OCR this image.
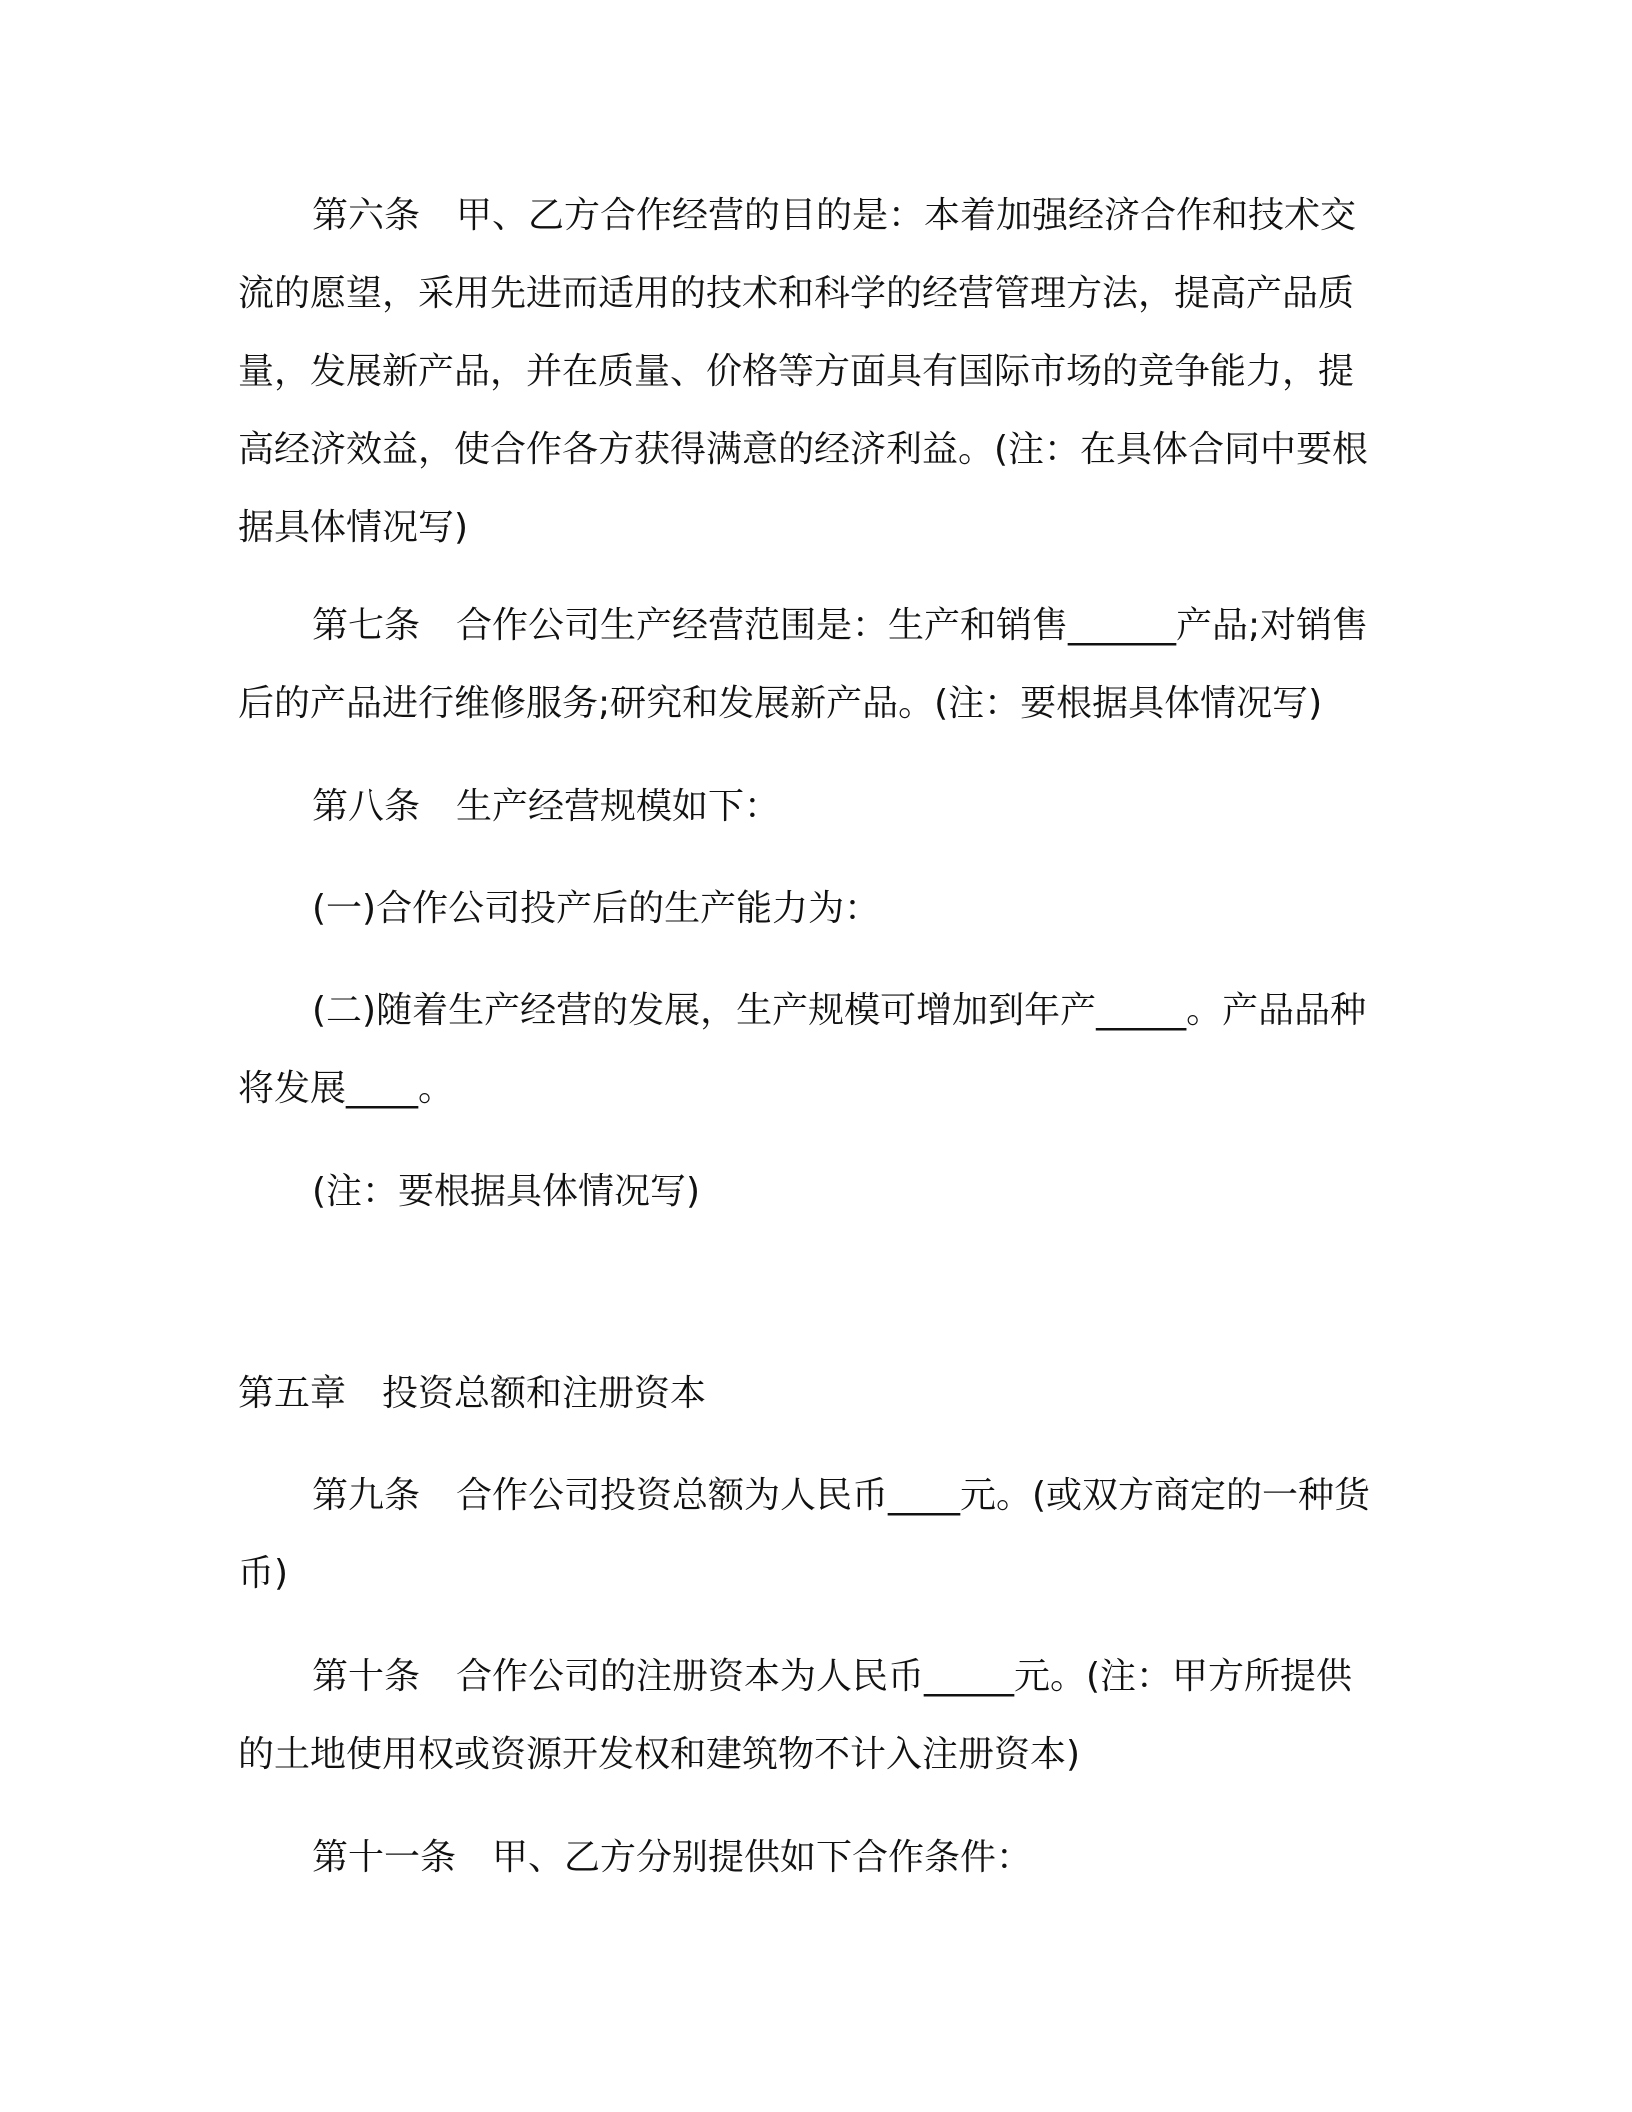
第六条　甲、乙方合作经营的目的是：本着加强经济合作和技术交流的愿望，采用先进而适用的技术和科学的经营管理方法，提高产品质量，发展新产品，并在质量、价格等方面具有国际市场的竞争能力，提高经济效益，使合作各方获得满意的经济利益。(注：在具体合同中要根据具体情况写)

第七条　合作公司生产经营范围是：生产和销售______产品;对销售后的产品进行维修服务;研究和发展新产品。(注：要根据具体情况写)

第八条　生产经营规模如下：

(一)合作公司投产后的生产能力为：

(二)随着生产经营的发展，生产规模可增加到年产_____。产品品种将发展____。

(注：要根据具体情况写)

第五章　投资总额和注册资本

第九条　合作公司投资总额为人民币____元。(或双方商定的一种货币)

第十条　合作公司的注册资本为人民币_____元。(注：甲方所提供的土地使用权或资源开发权和建筑物不计入注册资本)

第十一条　甲、乙方分别提供如下合作条件：
